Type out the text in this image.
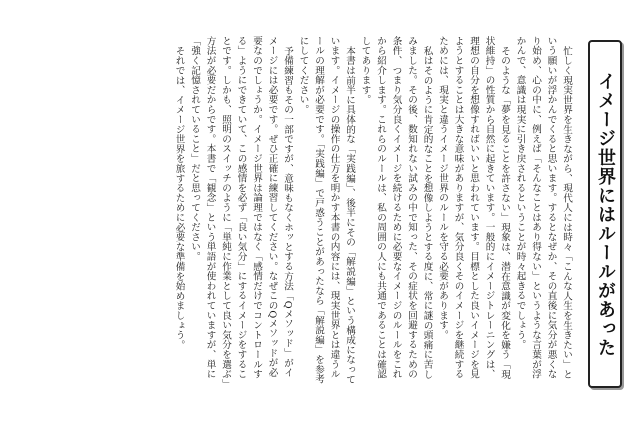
イメージ世界にはルールがあった

忙しく現実世界を生きながら、現代人には時々「こんな人生を生きたい」という願いが浮かんでくると思います。するとなぜか、その直後に気分が悪くなり始め、心の中に、例えば「そんなことはあり得ない」というような言葉が浮かんで、意識は現実に引き戻されるということが時々起きるでしょう。

そのような「夢を見ることを許さない」現象は、潜在意識が変化を嫌う「現状維持」の性質から自然に起きています。一般的にイメージトレーニングは、理想の自分を想像すればいいと思われています。目標とした良いイメージを見ようとすることは大きな意味がありますが、気分良くそのイメージを継続するためには、現実と違うイメージ世界のルールを守る必要があります。

私はそのように肯定的なことを想像しようとする度に、常に謎の頭痛に苦しみました。その後、数知れない試みの中で知った、その症状を回避するための条件、つまり気分良くイメージを続けるために必要なイメージのルールをこれから紹介します。これらのルールは、私の周囲の人にも共通であることは確認してあります。

本書は前半に具体的な「実践編」、後半にその「解説編」という構成になっています。イメージの操作の仕方を明かす本書の内容には、現実世界とは違うルールの理解が必要です。「実践編」で戸惑うことがあったなら「解説編」を参考にしてください。

予備練習もその一部ですが、意味もなくホッとする方法「Qメソッド」がイメージには必要です。ぜひ正確に練習してください。なぜこのQメソッドが必要なのでしょうか。イメージ世界は論理ではなく「感情だけでコントロールする」ようにできていて、この感情を必ず「良い気分」にするイメージをすることです。しかも、照明のスイッチのように「単純に作業として良い気分を選ぶ」方法が必要だからです。本書で「観念」という単語が使われていますが、単に「強く記憶されていること」だと思ってください。

それでは、イメージ世界を旅するために必要な準備を始めましょう。
